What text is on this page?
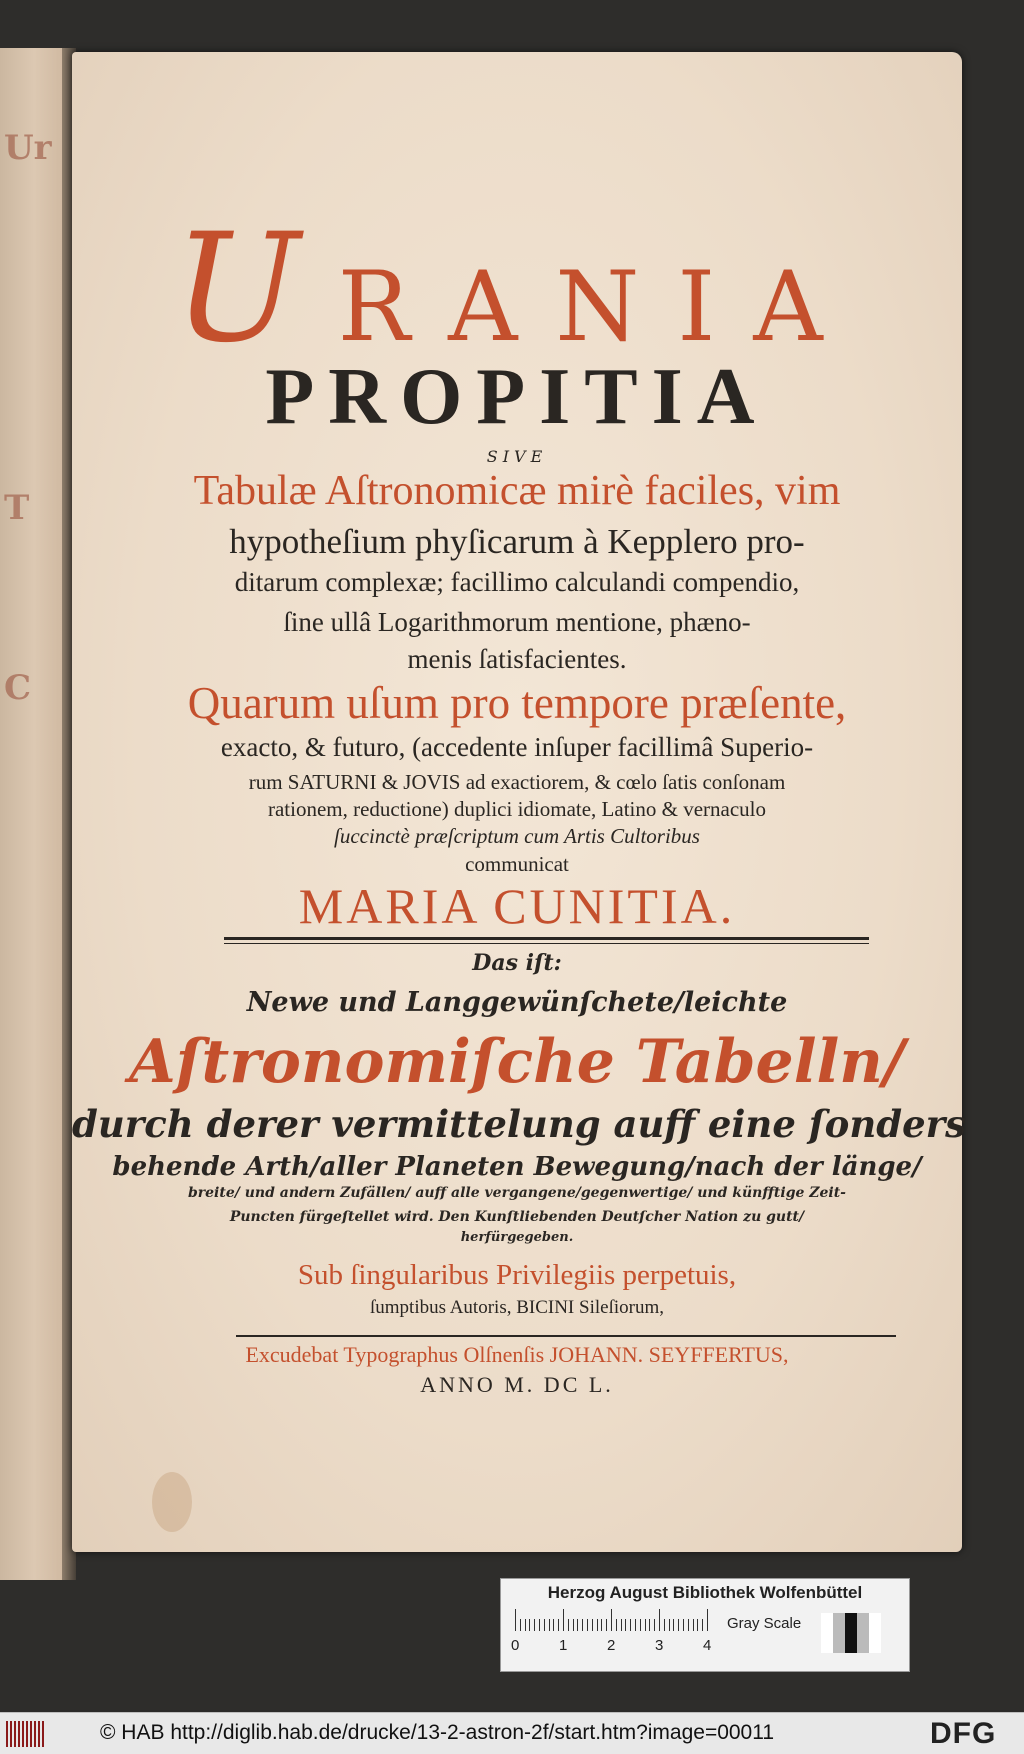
Ur
T
C
URANIA
PROPITIA
SIVE
Tabulæ Aſtronomicæ mirè faciles, vim
hypotheſium phyſicarum à Kepplero pro-
ditarum complexæ; facillimo calculandi compendio,
ſine ullâ Logarithmorum mentione, phæno-
menis ſatisfacientes.
Quarum uſum pro tempore præſente,
exacto, & futuro, (accedente inſuper facillimâ Superio-
rum SATURNI & JOVIS ad exactiorem, & cœlo ſatis conſonam
rationem, reductione) duplici idiomate, Latino & vernaculo
ſuccinctè præſcriptum cum Artis Cultoribus
communicat
MARIA CUNITIA.
Das iſt:
Newe und Langgewünſchete/leichte
Aſtronomiſche Tabelln/
durch derer vermittelung auff eine ſonders
behende Arth/aller Planeten Bewegung/nach der länge/
breite/ und andern Zufällen/ auff alle vergangene/gegenwertige/ und künfftige Zeit-
Puncten fürgeſtellet wird. Den Kunſtliebenden Deutſcher Nation zu gutt/
herfürgegeben.
Sub ſingularibus Privilegiis perpetuis,
ſumptibus Autoris, BICINI Sileſiorum,
Excudebat Typographus Olſnenſis JOHANN. SEYFFERTUS,
ANNO M. DC L.
Herzog August Bibliothek Wolfenbüttel
0	1	2	3	4
Gray Scale
© HAB http://diglib.hab.de/drucke/13-2-astron-2f/start.htm?image=00011	DFG
